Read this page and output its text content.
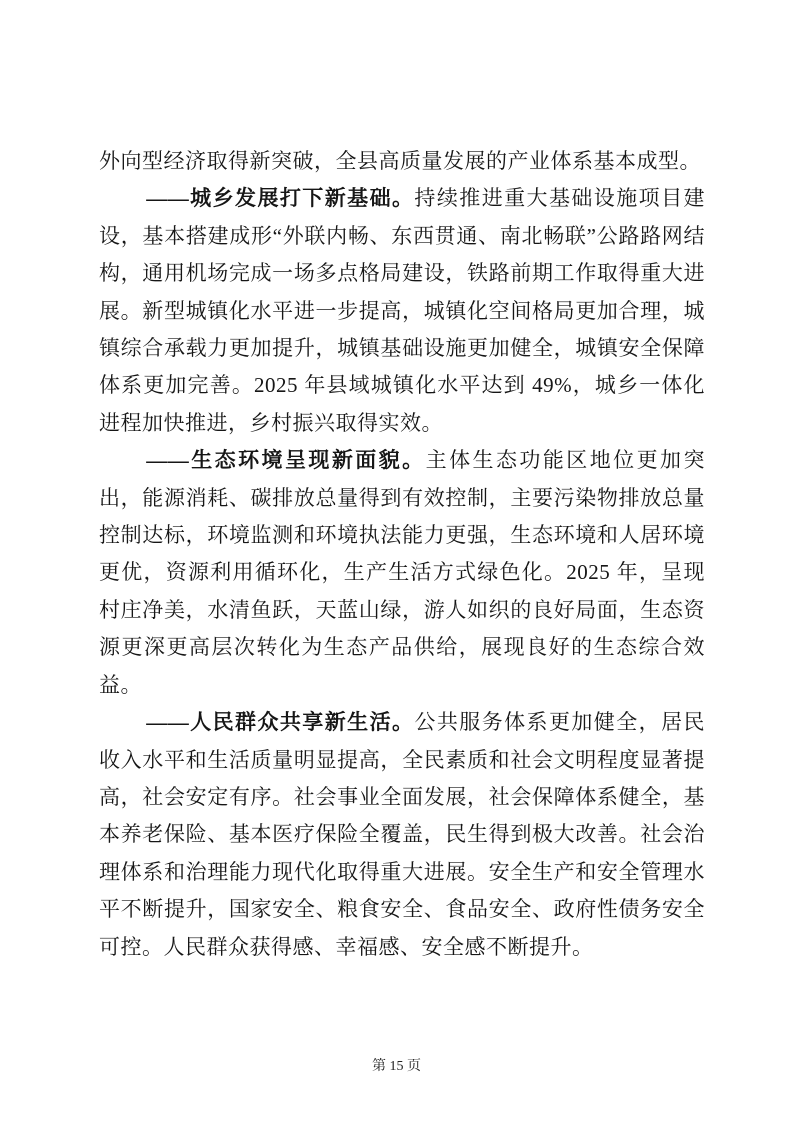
外向型经济取得新突破，全县高质量发展的产业体系基本成型。

——城乡发展打下新基础。持续推进重大基础设施项目建设，基本搭建成形“外联内畅、东西贯通、南北畅联”公路路网结构，通用机场完成一场多点格局建设，铁路前期工作取得重大进展。新型城镇化水平进一步提高，城镇化空间格局更加合理，城镇综合承载力更加提升，城镇基础设施更加健全，城镇安全保障体系更加完善。2025 年县域城镇化水平达到 49%，城乡一体化进程加快推进，乡村振兴取得实效。

——生态环境呈现新面貌。主体生态功能区地位更加突出，能源消耗、碳排放总量得到有效控制，主要污染物排放总量控制达标，环境监测和环境执法能力更强，生态环境和人居环境更优，资源利用循环化，生产生活方式绿色化。2025 年，呈现村庄净美，水清鱼跃，天蓝山绿，游人如织的良好局面，生态资源更深更高层次转化为生态产品供给，展现良好的生态综合效益。

——人民群众共享新生活。公共服务体系更加健全，居民收入水平和生活质量明显提高，全民素质和社会文明程度显著提高，社会安定有序。社会事业全面发展，社会保障体系健全，基本养老保险、基本医疗保险全覆盖，民生得到极大改善。社会治理体系和治理能力现代化取得重大进展。安全生产和安全管理水平不断提升，国家安全、粮食安全、食品安全、政府性债务安全可控。人民群众获得感、幸福感、安全感不断提升。

第 15 页
